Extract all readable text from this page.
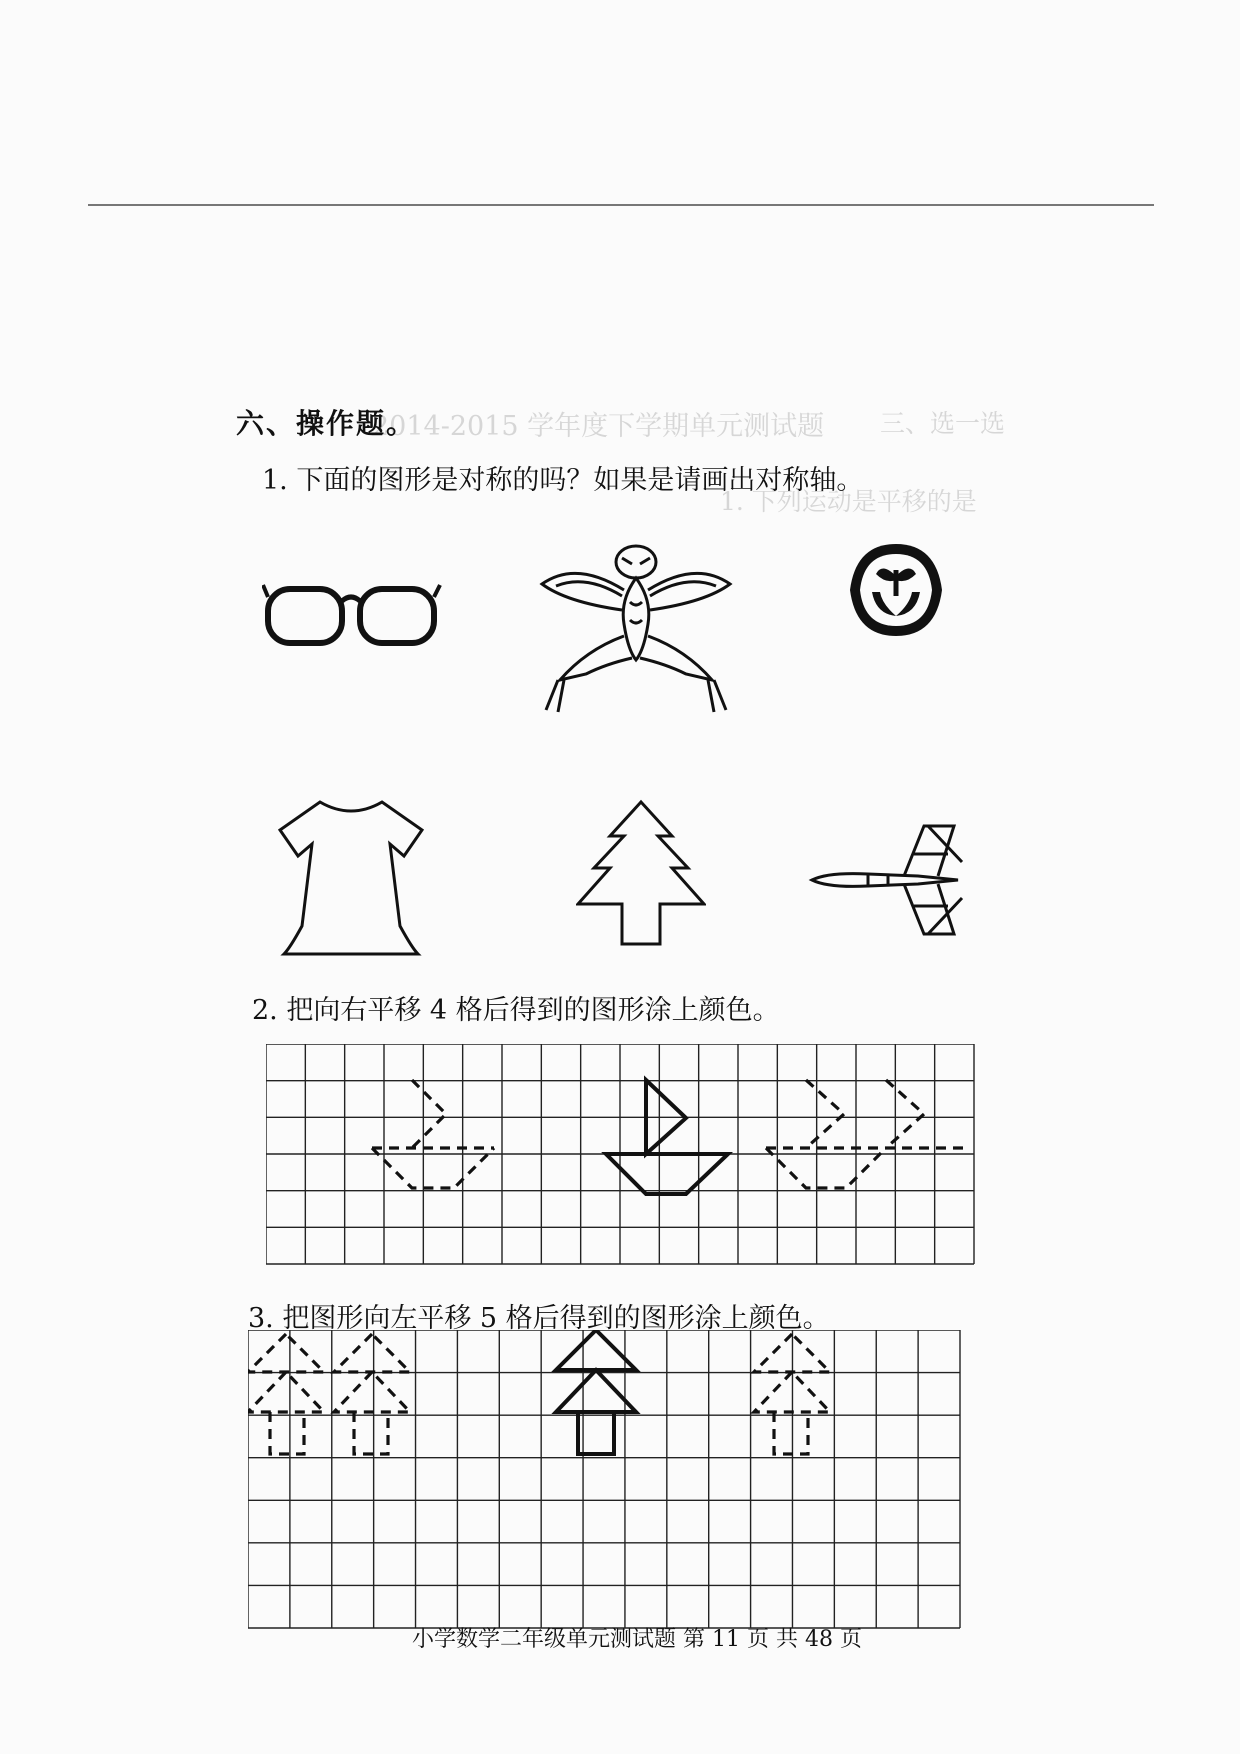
2014-2015 学年度下学期单元测试题 三、选一选
1. 下列运动是平移的是
六、操作题。
1. 下面的图形是对称的吗？如果是请画出对称轴。
2. 把向右平移 4 格后得到的图形涂上颜色。
3. 把图形向左平移 5 格后得到的图形涂上颜色。
小学数学二年级单元测试题 第 11 页 共 48 页
